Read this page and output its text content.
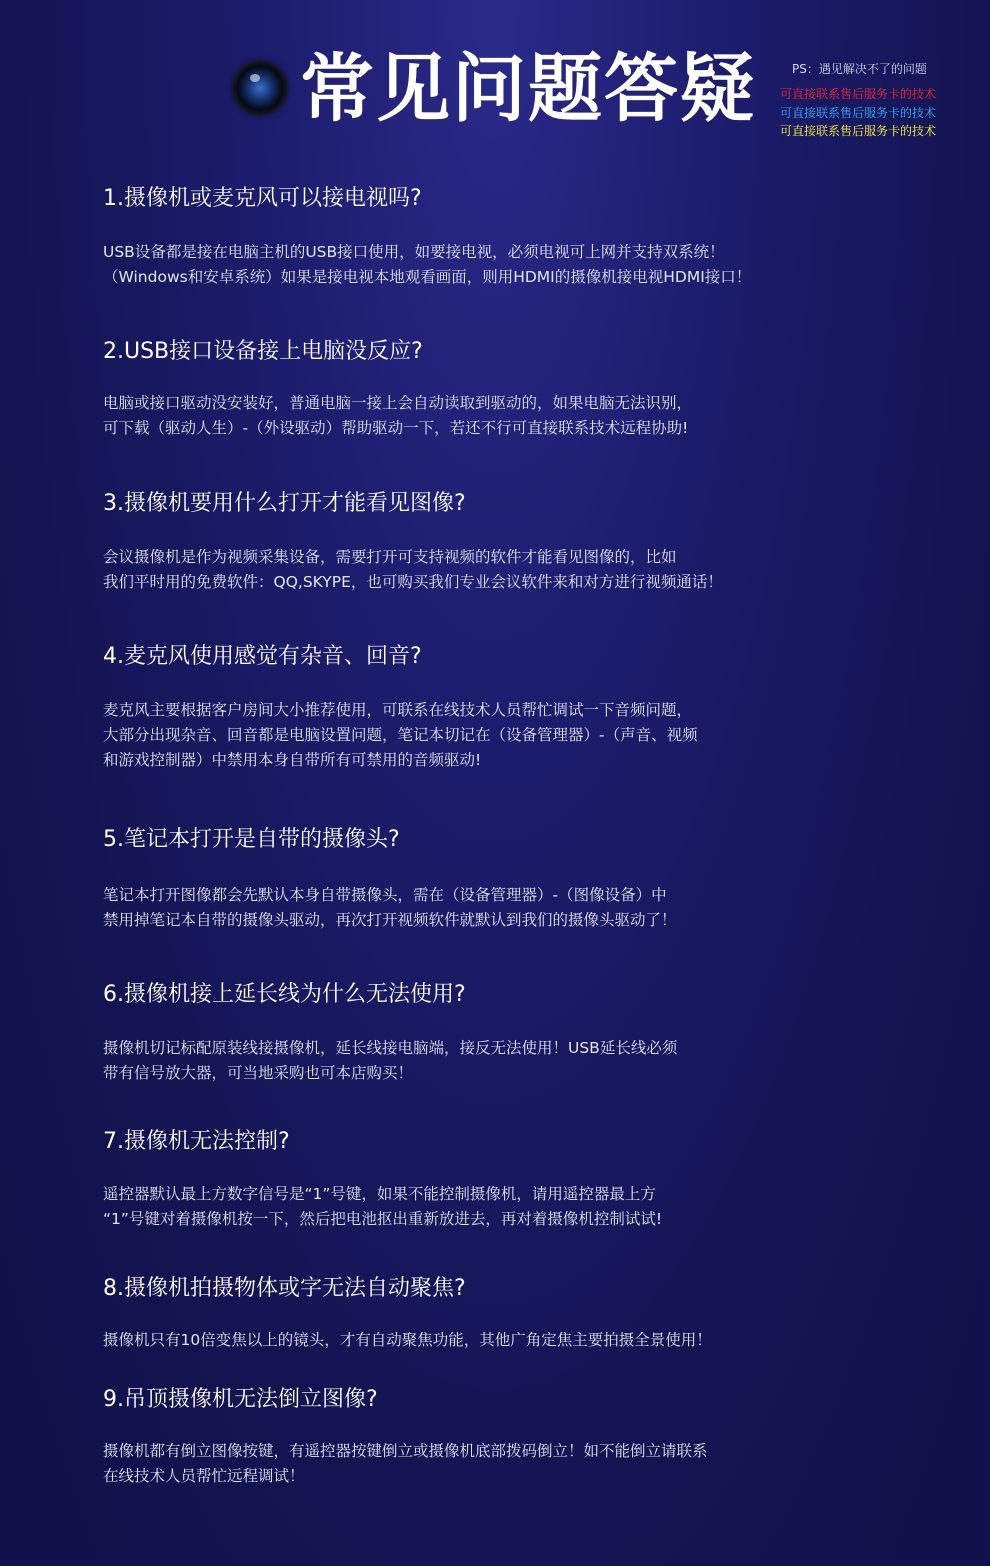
常见问题答疑	PS：遇见解决不了的问题
可直接联系售后服务卡的技术
可直接联系售后服务卡的技术
可直接联系售后服务卡的技术
1.摄像机或麦克风可以接电视吗?

USB设备都是接在电脑主机的USB接口使用，如要接电视，必须电视可上网并支持双系统！
（Windows和安卓系统）如果是接电视本地观看画面，则用HDMI的摄像机接电视HDMI接口！

2.USB接口设备接上电脑没反应?

电脑或接口驱动没安装好，普通电脑一接上会自动读取到驱动的，如果电脑无法识别，
可下载（驱动人生）-（外设驱动）帮助驱动一下，若还不行可直接联系技术远程协助!

3.摄像机要用什么打开才能看见图像?

会议摄像机是作为视频采集设备，需要打开可支持视频的软件才能看见图像的，比如
我们平时用的免费软件：QQ,SKYPE，也可购买我们专业会议软件来和对方进行视频通话！

4.麦克风使用感觉有杂音、回音?

麦克风主要根据客户房间大小推荐使用，可联系在线技术人员帮忙调试一下音频问题，
大部分出现杂音、回音都是电脑设置问题，笔记本切记在（设备管理器）-（声音、视频
和游戏控制器）中禁用本身自带所有可禁用的音频驱动!

5.笔记本打开是自带的摄像头?

笔记本打开图像都会先默认本身自带摄像头，需在（设备管理器）-（图像设备）中
禁用掉笔记本自带的摄像头驱动，再次打开视频软件就默认到我们的摄像头驱动了！

6.摄像机接上延长线为什么无法使用?

摄像机切记标配原装线接摄像机，延长线接电脑端，接反无法使用！USB延长线必须
带有信号放大器，可当地采购也可本店购买！

7.摄像机无法控制?

遥控器默认最上方数字信号是“1”号键，如果不能控制摄像机，请用遥控器最上方
“1”号键对着摄像机按一下，然后把电池抠出重新放进去，再对着摄像机控制试试!

8.摄像机拍摄物体或字无法自动聚焦?

摄像机只有10倍变焦以上的镜头，才有自动聚焦功能，其他广角定焦主要拍摄全景使用！

9.吊顶摄像机无法倒立图像?

摄像机都有倒立图像按键，有遥控器按键倒立或摄像机底部拨码倒立！如不能倒立请联系
在线技术人员帮忙远程调试！
